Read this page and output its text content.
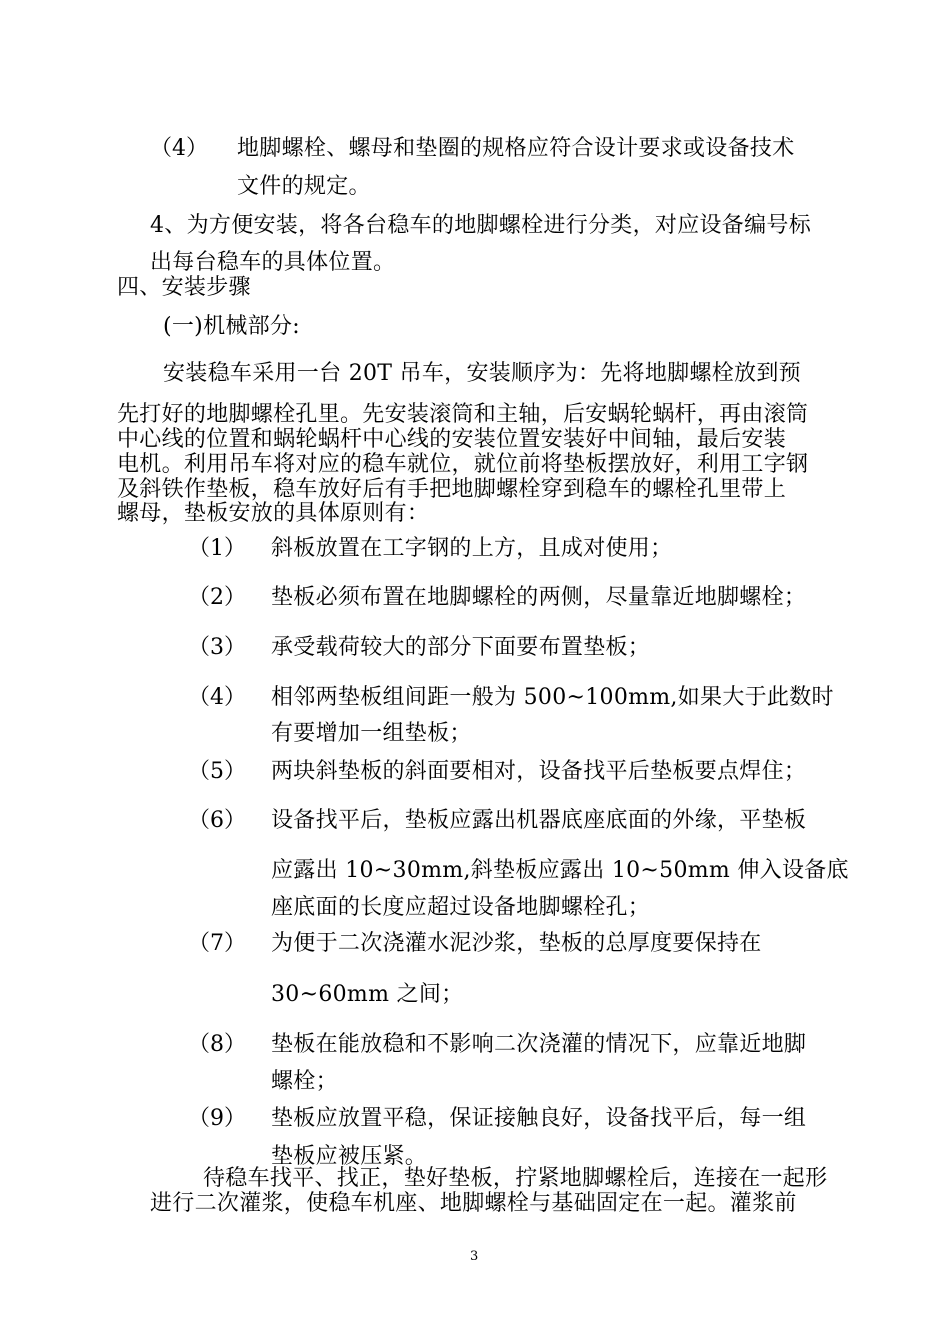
（4） 地脚螺栓、螺母和垫圈的规格应符合设计要求或设备技术
文件的规定。
4、为方便安装，将各台稳车的地脚螺栓进行分类，对应设备编号标
出每台稳车的具体位置。
四、安装步骤
(一)机械部分:
安装稳车采用一台 20T 吊车，安装顺序为：先将地脚螺栓放到预
先打好的地脚螺栓孔里。先安装滚筒和主轴，后安蜗轮蜗杆，再由滚筒
中心线的位置和蜗轮蜗杆中心线的安装位置安装好中间轴，最后安装
电机。利用吊车将对应的稳车就位，就位前将垫板摆放好，利用工字钢
及斜铁作垫板，稳车放好后有手把地脚螺栓穿到稳车的螺栓孔里带上
螺母，垫板安放的具体原则有：
（1） 斜板放置在工字钢的上方，且成对使用；
（2） 垫板必须布置在地脚螺栓的两侧，尽量靠近地脚螺栓；
（3） 承受载荷较大的部分下面要布置垫板；
（4） 相邻两垫板组间距一般为 500~100mm,如果大于此数时
有要增加一组垫板；
（5） 两块斜垫板的斜面要相对，设备找平后垫板要点焊住；
（6） 设备找平后，垫板应露出机器底座底面的外缘，平垫板
应露出 10~30mm,斜垫板应露出 10~50mm 伸入设备底
座底面的长度应超过设备地脚螺栓孔；
（7） 为便于二次浇灌水泥沙浆，垫板的总厚度要保持在
30~60mm 之间；
（8） 垫板在能放稳和不影响二次浇灌的情况下，应靠近地脚
螺栓；
（9） 垫板应放置平稳，保证接触良好，设备找平后，每一组
垫板应被压紧。
待稳车找平、找正，垫好垫板，拧紧地脚螺栓后，连接在一起形
进行二次灌浆，使稳车机座、地脚螺栓与基础固定在一起。灌浆前
3
